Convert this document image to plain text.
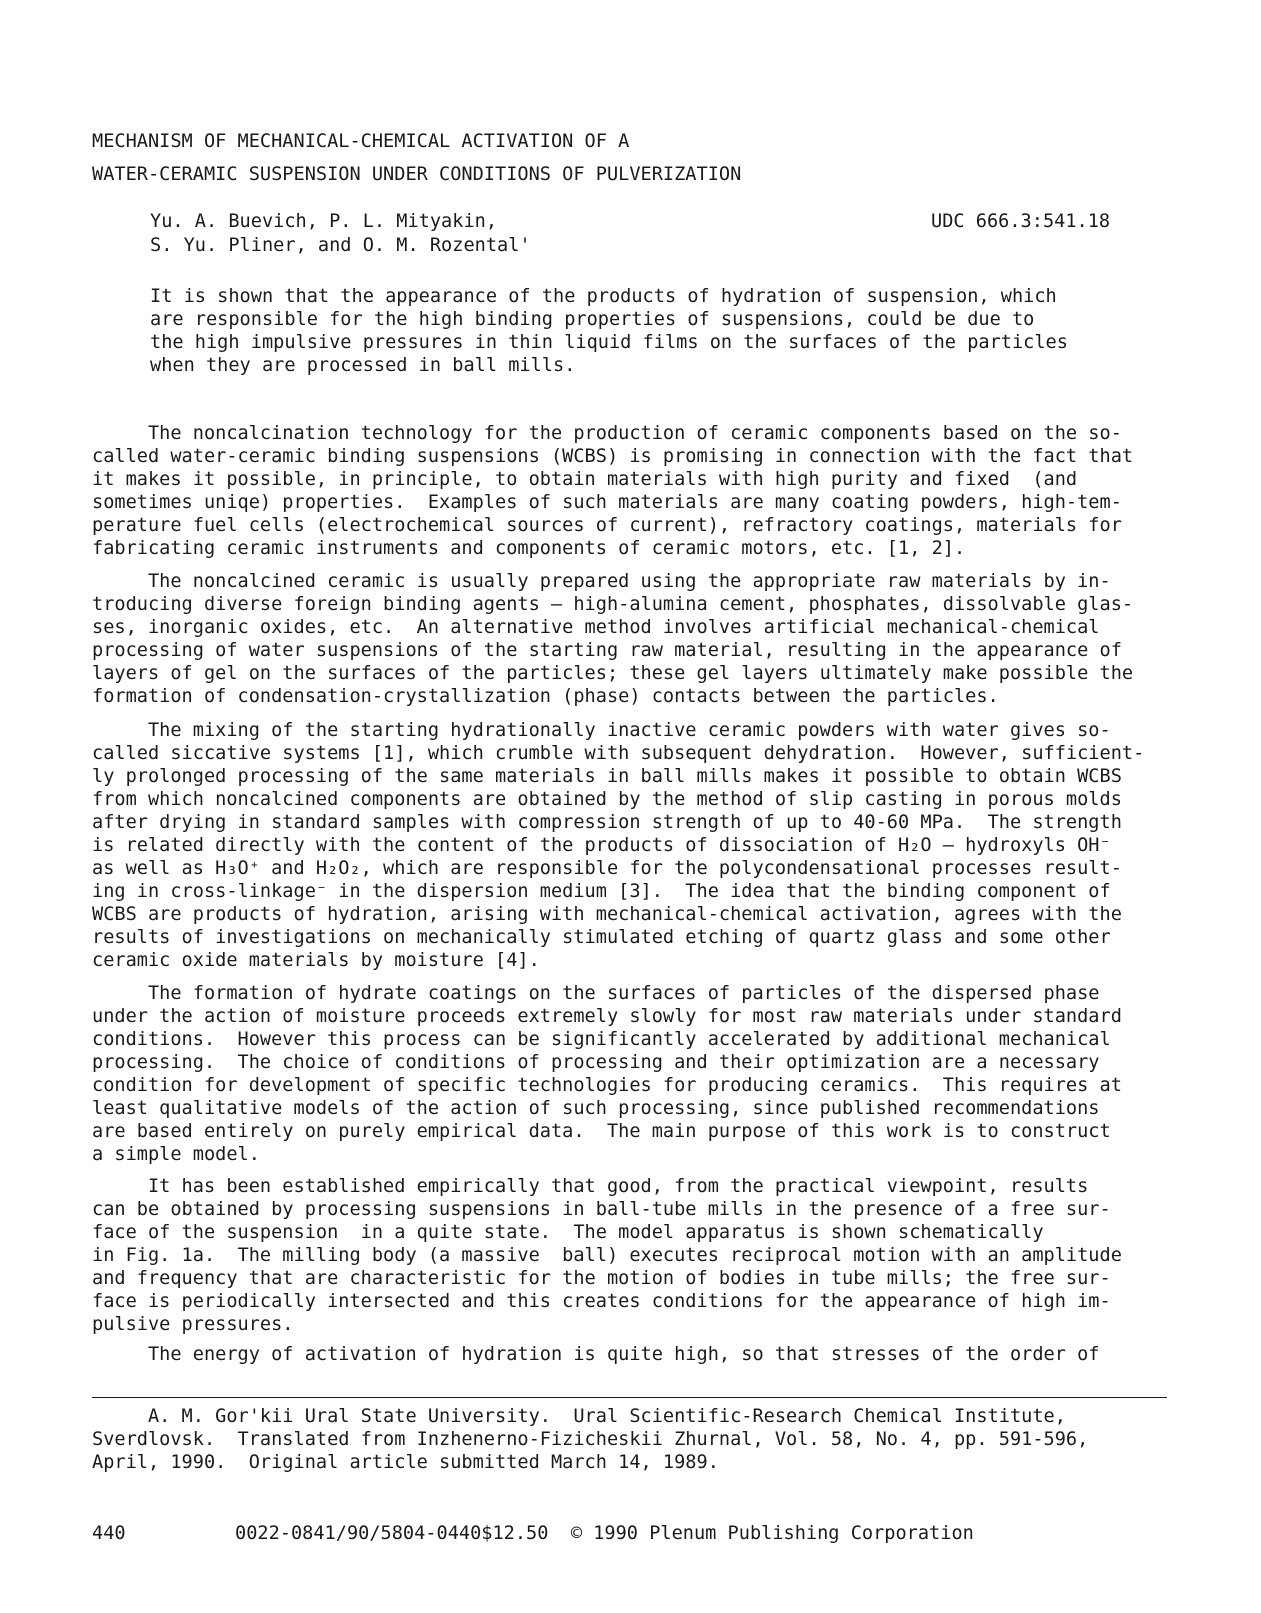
MECHANISM OF MECHANICAL-CHEMICAL ACTIVATION OF A
WATER-CERAMIC SUSPENSION UNDER CONDITIONS OF PULVERIZATION
Yu. A. Buevich, P. L. Mityakin,
S. Yu. Pliner, and O. M. Rozental'
UDC 666.3:541.18
It is shown that the appearance of the products of hydration of suspension, which
are responsible for the high binding properties of suspensions, could be due to
the high impulsive pressures in thin liquid films on the surfaces of the particles
when they are processed in ball mills.
The noncalcination technology for the production of ceramic components based on the so-
called water-ceramic binding suspensions (WCBS) is promising in connection with the fact that
it makes it possible, in principle, to obtain materials with high purity and fixed  (and
sometimes uniqe) properties.  Examples of such materials are many coating powders, high-tem-
perature fuel cells (electrochemical sources of current), refractory coatings, materials for
fabricating ceramic instruments and components of ceramic motors, etc. [1, 2].
The noncalcined ceramic is usually prepared using the appropriate raw materials by in-
troducing diverse foreign binding agents — high-alumina cement, phosphates, dissolvable glas-
ses, inorganic oxides, etc.  An alternative method involves artificial mechanical-chemical
processing of water suspensions of the starting raw material, resulting in the appearance of
layers of gel on the surfaces of the particles; these gel layers ultimately make possible the
formation of condensation-crystallization (phase) contacts between the particles.
The mixing of the starting hydrationally inactive ceramic powders with water gives so-
called siccative systems [1], which crumble with subsequent dehydration.  However, sufficient-
ly prolonged processing of the same materials in ball mills makes it possible to obtain WCBS
from which noncalcined components are obtained by the method of slip casting in porous molds
after drying in standard samples with compression strength of up to 40-60 MPa.  The strength
is related directly with the content of the products of dissociation of H₂O — hydroxyls OH⁻
as well as H₃O⁺ and H₂O₂, which are responsible for the polycondensational processes result-
ing in cross-linkage⁻ in the dispersion medium [3].  The idea that the binding component of
WCBS are products of hydration, arising with mechanical-chemical activation, agrees with the
results of investigations on mechanically stimulated etching of quartz glass and some other
ceramic oxide materials by moisture [4].
The formation of hydrate coatings on the surfaces of particles of the dispersed phase
under the action of moisture proceeds extremely slowly for most raw materials under standard
conditions.  However this process can be significantly accelerated by additional mechanical
processing.  The choice of conditions of processing and their optimization are a necessary
condition for development of specific technologies for producing ceramics.  This requires at
least qualitative models of the action of such processing, since published recommendations
are based entirely on purely empirical data.  The main purpose of this work is to construct
a simple model.
It has been established empirically that good, from the practical viewpoint, results
can be obtained by processing suspensions in ball-tube mills in the presence of a free sur-
face of the suspension  in a quite state.  The model apparatus is shown schematically
in Fig. 1a.  The milling body (a massive  ball) executes reciprocal motion with an amplitude
and frequency that are characteristic for the motion of bodies in tube mills; the free sur-
face is periodically intersected and this creates conditions for the appearance of high im-
pulsive pressures.
The energy of activation of hydration is quite high, so that stresses of the order of
A. M. Gor'kii Ural State University.  Ural Scientific-Research Chemical Institute,
Sverdlovsk.  Translated from Inzhenerno-Fizicheskii Zhurnal, Vol. 58, No. 4, pp. 591-596,
April, 1990.  Original article submitted March 14, 1989.
440	0022-0841/90/5804-0440$12.50  © 1990 Plenum Publishing Corporation
